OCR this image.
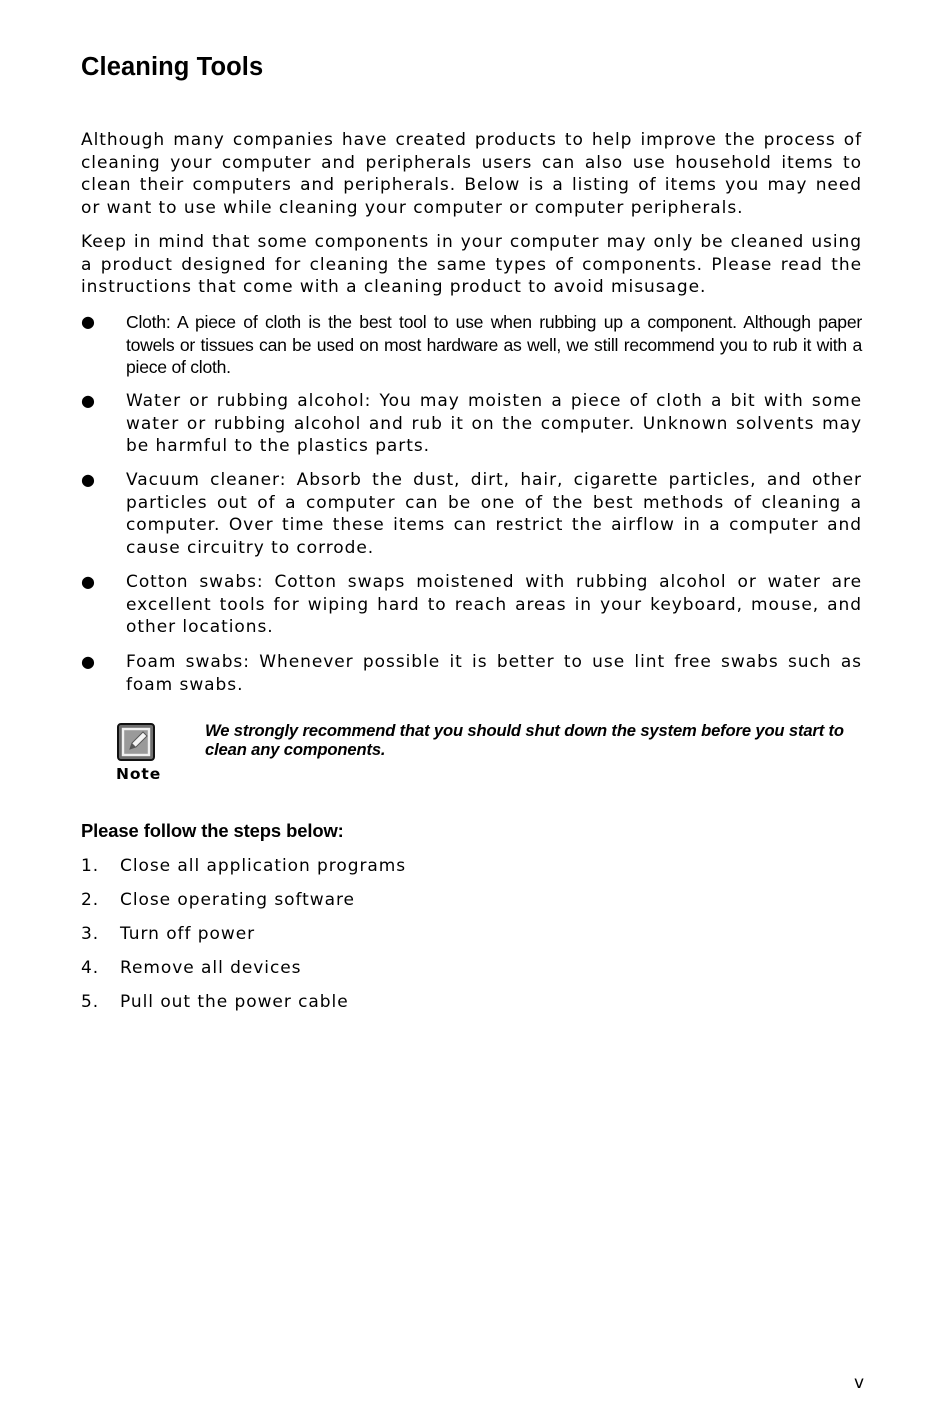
Cleaning Tools

Although many companies have created products to help improve the process of cleaning your computer and peripherals users can also use household items to clean their computers and peripherals. Below is a listing of items you may need or want to use while cleaning your computer or computer peripherals.

Keep in mind that some components in your computer may only be cleaned using a product designed for cleaning the same types of components. Please read the instructions that come with a cleaning product to avoid misusage.

● Cloth: A piece of cloth is the best tool to use when rubbing up a component. Although paper towels or tissues can be used on most hardware as well, we still recommend you to rub it with a piece of cloth.
● Water or rubbing alcohol: You may moisten a piece of cloth a bit with some water or rubbing alcohol and rub it on the computer. Unknown solvents may be harmful to the plastics parts.
● Vacuum cleaner: Absorb the dust, dirt, hair, cigarette particles, and other particles out of a computer can be one of the best methods of cleaning a computer. Over time these items can restrict the airflow in a computer and cause circuitry to corrode.
● Cotton swabs: Cotton swaps moistened with rubbing alcohol or water are excellent tools for wiping hard to reach areas in your keyboard, mouse, and other locations.
● Foam swabs: Whenever possible it is better to use lint free swabs such as foam swabs.
Note
We strongly recommend that you should shut down the system before you start to clean any components.

Please follow the steps below:

1. Close all application programs
2. Close operating software
3. Turn off power
4. Remove all devices
5. Pull out the power cable
v
